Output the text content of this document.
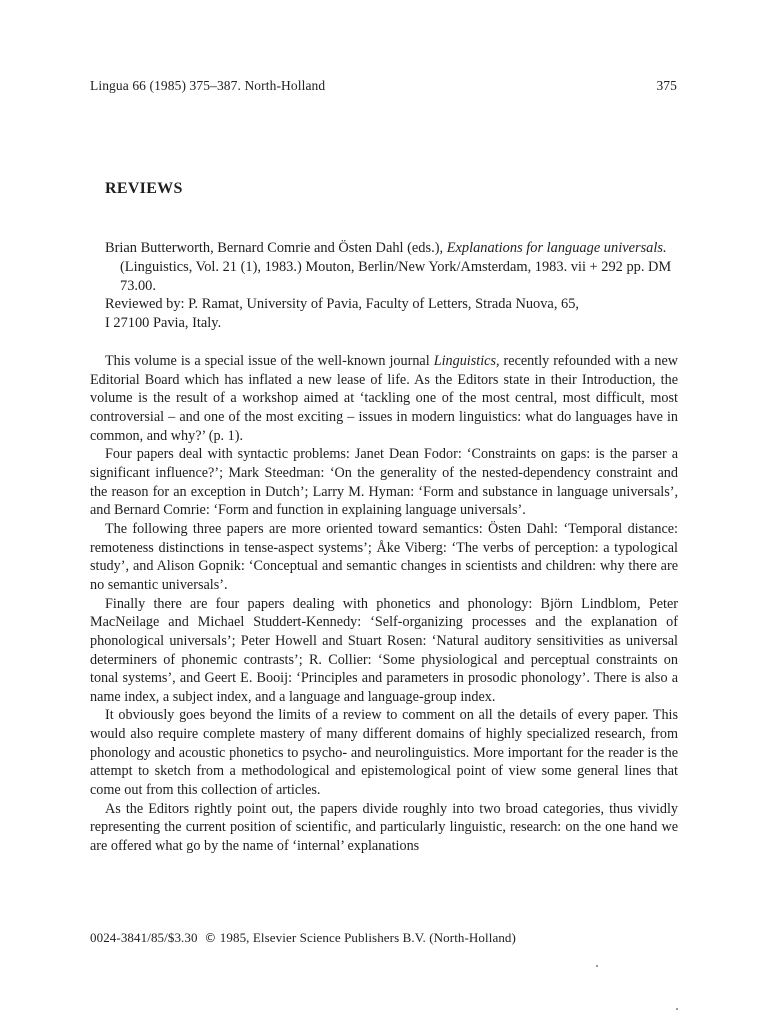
Lingua 66 (1985) 375–387. North-Holland	375
REVIEWS
Brian Butterworth, Bernard Comrie and Östen Dahl (eds.), Explanations for language universals. (Linguistics, Vol. 21 (1), 1983.) Mouton, Berlin/New York/Amsterdam, 1983. vii + 292 pp. DM 73.00.
Reviewed by: P. Ramat, University of Pavia, Faculty of Letters, Strada Nuova, 65,
I 27100 Pavia, Italy.

This volume is a special issue of the well-known journal Linguistics, recently refounded with a new Editorial Board which has inflated a new lease of life. As the Editors state in their Introduction, the volume is the result of a workshop aimed at ‘tackling one of the most central, most difficult, most controversial – and one of the most exciting – issues in modern linguistics: what do languages have in common, and why?’ (p. 1).

Four papers deal with syntactic problems: Janet Dean Fodor: ‘Constraints on gaps: is the parser a significant influence?’; Mark Steedman: ‘On the generality of the nested-dependency constraint and the reason for an exception in Dutch’; Larry M. Hyman: ‘Form and substance in language universals’, and Bernard Comrie: ‘Form and function in explaining language universals’.

The following three papers are more oriented toward semantics: Östen Dahl: ‘Temporal distance: remoteness distinctions in tense-aspect systems’; Åke Viberg: ‘The verbs of perception: a typological study’, and Alison Gopnik: ‘Conceptual and semantic changes in scientists and children: why there are no semantic universals’.

Finally there are four papers dealing with phonetics and phonology: Björn Lindblom, Peter MacNeilage and Michael Studdert-Kennedy: ‘Self-organizing processes and the explanation of phonological universals’; Peter Howell and Stuart Rosen: ‘Natural auditory sensitivities as universal determiners of phonemic contrasts’; R. Collier: ‘Some physiological and perceptual constraints on tonal systems’, and Geert E. Booij: ‘Principles and parameters in prosodic phonology’. There is also a name index, a subject index, and a language and language-group index.

It obviously goes beyond the limits of a review to comment on all the details of every paper. This would also require complete mastery of many different domains of highly specialized research, from phonology and acoustic phonetics to psycho- and neurolinguistics. More important for the reader is the attempt to sketch from a methodological and epistemological point of view some general lines that come out from this collection of articles.

As the Editors rightly point out, the papers divide roughly into two broad categories, thus vividly representing the current position of scientific, and particularly linguistic, research: on the one hand we are offered what go by the name of ‘internal’ explanations

0024-3841/85/$3.30 © 1985, Elsevier Science Publishers B.V. (North-Holland)
